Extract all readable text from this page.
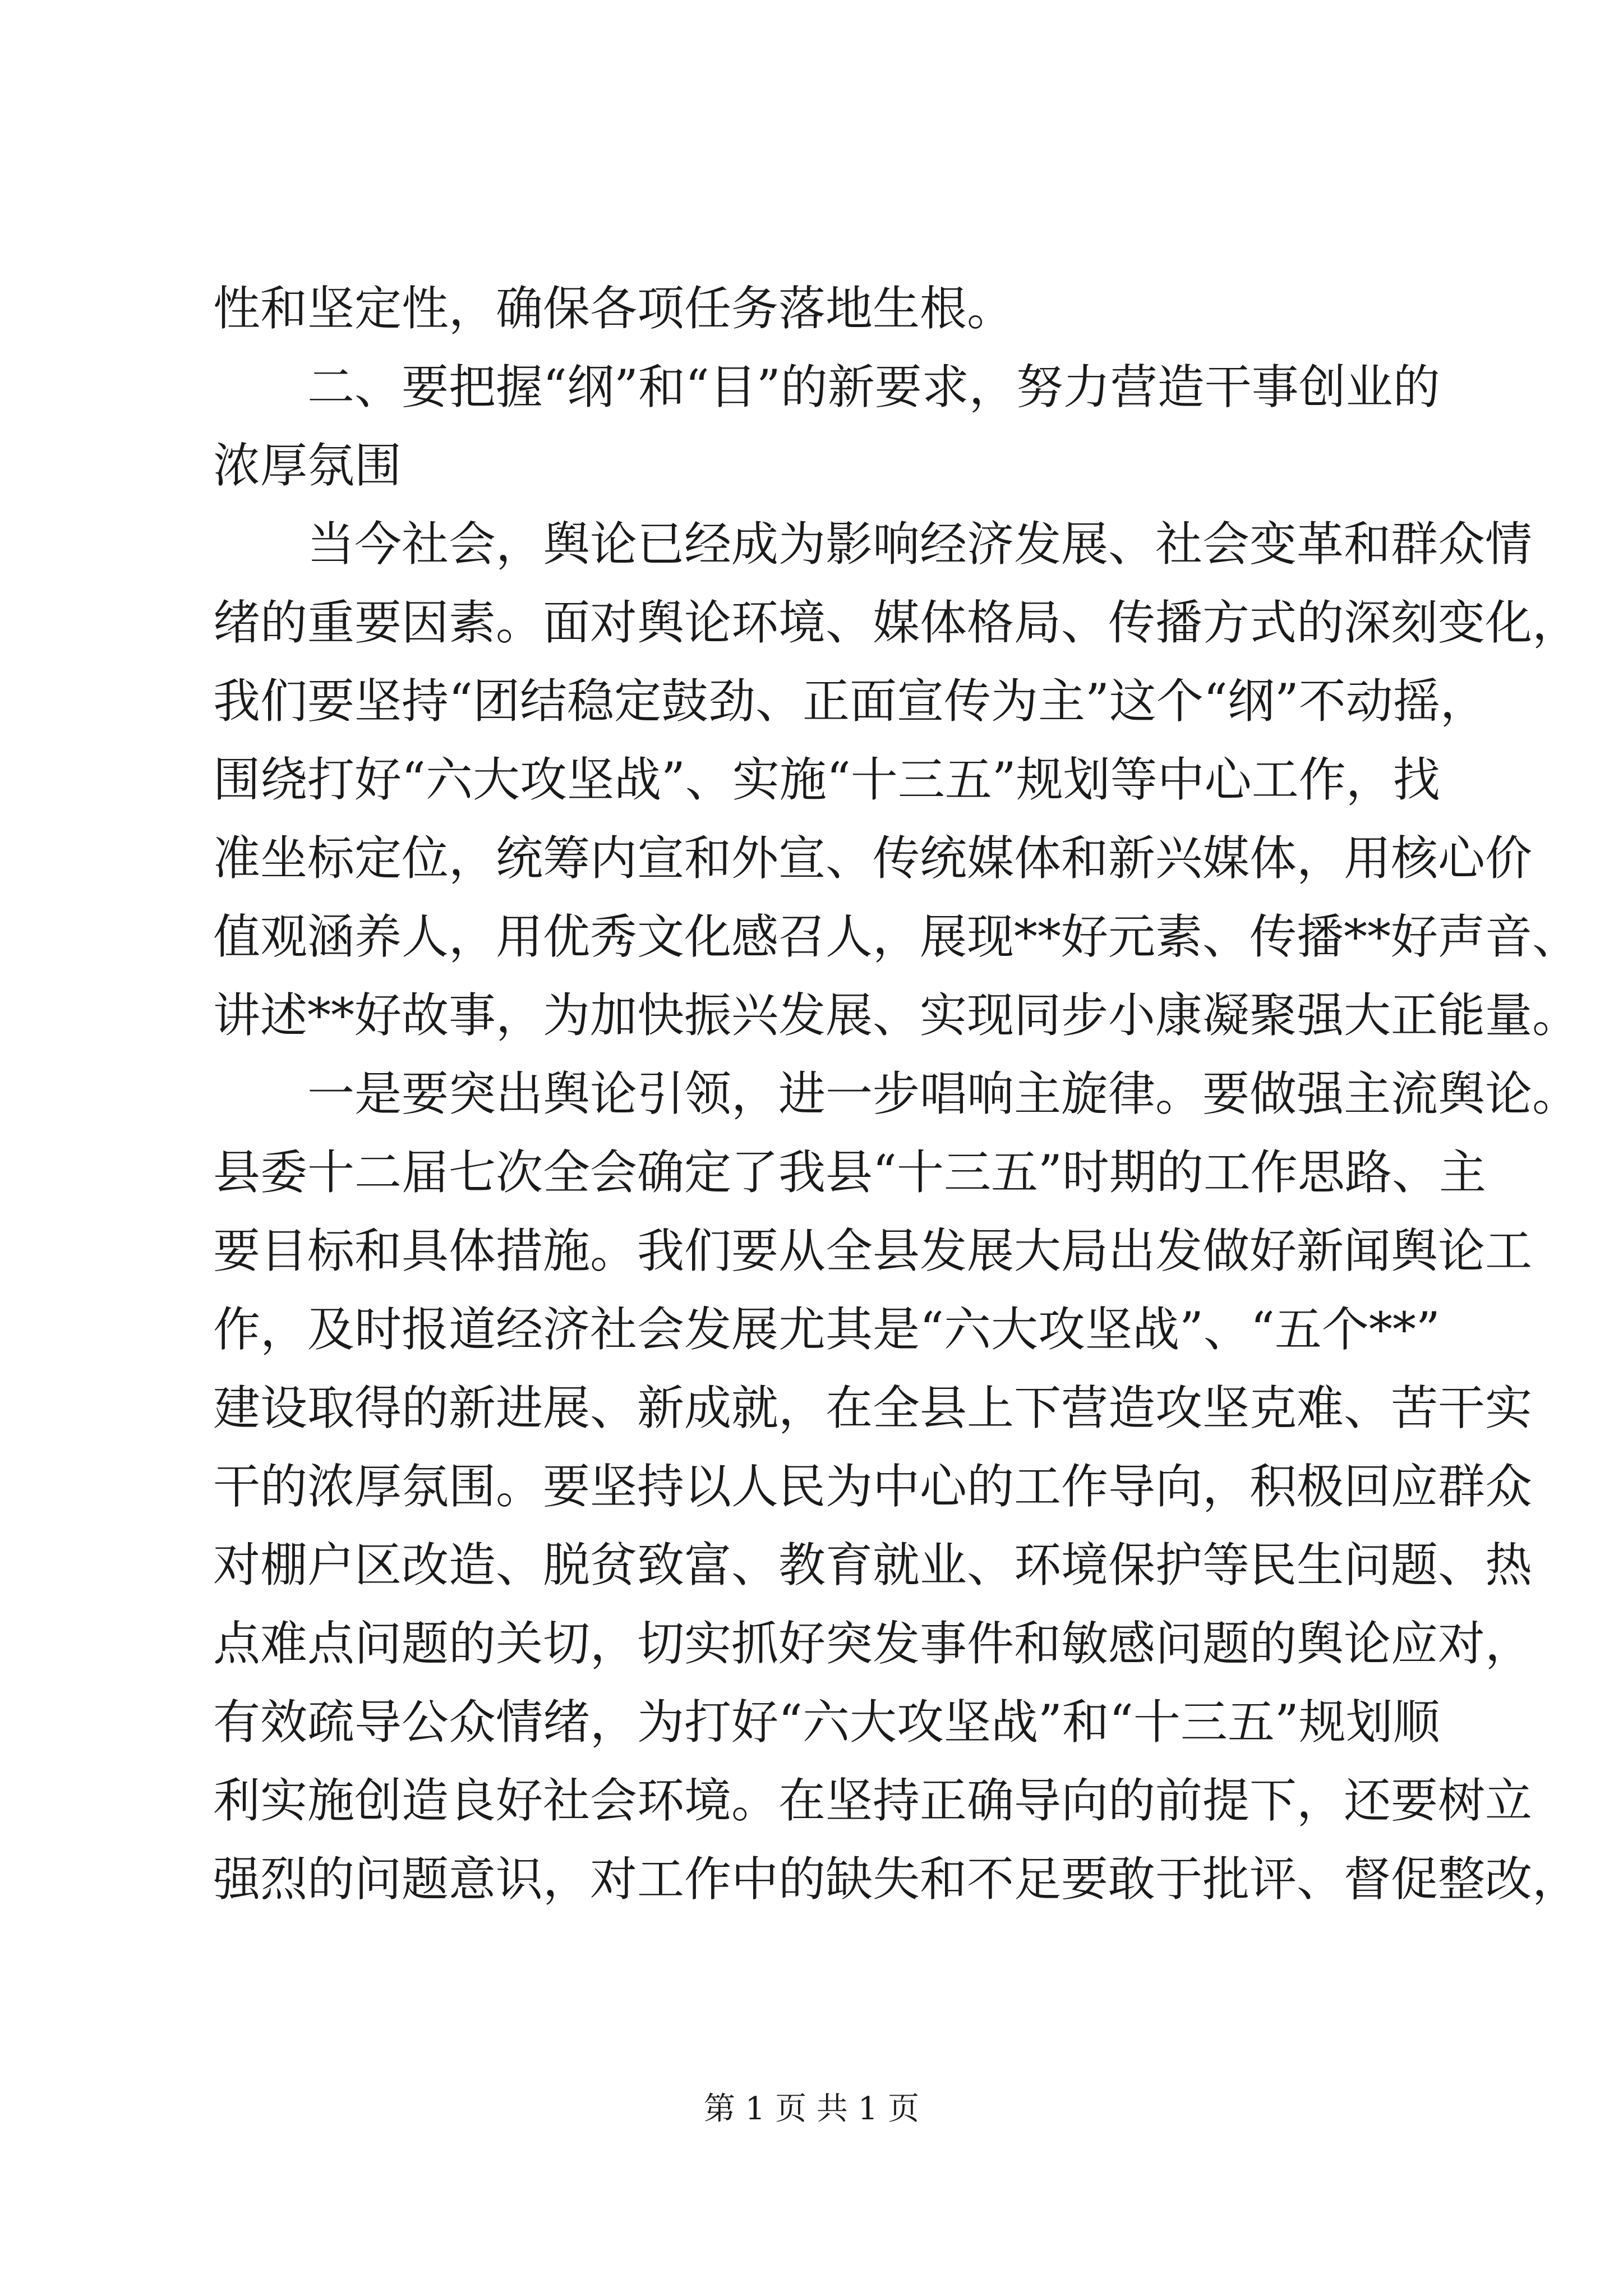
性和坚定性，确保各项任务落地生根。
二、要把握“纲”和“目”的新要求，努力营造干事创业的
浓厚氛围
当今社会，舆论已经成为影响经济发展、社会变革和群众情
绪的重要因素。面对舆论环境、媒体格局、传播方式的深刻变化，
我们要坚持“团结稳定鼓劲、正面宣传为主”这个“纲”不动摇，
围绕打好“六大攻坚战”、实施“十三五”规划等中心工作，找
准坐标定位，统筹内宣和外宣、传统媒体和新兴媒体，用核心价
值观涵养人，用优秀文化感召人，展现**好元素、传播**好声音、
讲述**好故事，为加快振兴发展、实现同步小康凝聚强大正能量。
一是要突出舆论引领，进一步唱响主旋律。要做强主流舆论。
县委十二届七次全会确定了我县“十三五”时期的工作思路、主
要目标和具体措施。我们要从全县发展大局出发做好新闻舆论工
作，及时报道经济社会发展尤其是“六大攻坚战”、“五个**”
建设取得的新进展、新成就，在全县上下营造攻坚克难、苦干实
干的浓厚氛围。要坚持以人民为中心的工作导向，积极回应群众
对棚户区改造、脱贫致富、教育就业、环境保护等民生问题、热
点难点问题的关切，切实抓好突发事件和敏感问题的舆论应对，
有效疏导公众情绪，为打好“六大攻坚战”和“十三五”规划顺
利实施创造良好社会环境。在坚持正确导向的前提下，还要树立
强烈的问题意识，对工作中的缺失和不足要敢于批评、督促整改，
第 1 页 共 1 页
